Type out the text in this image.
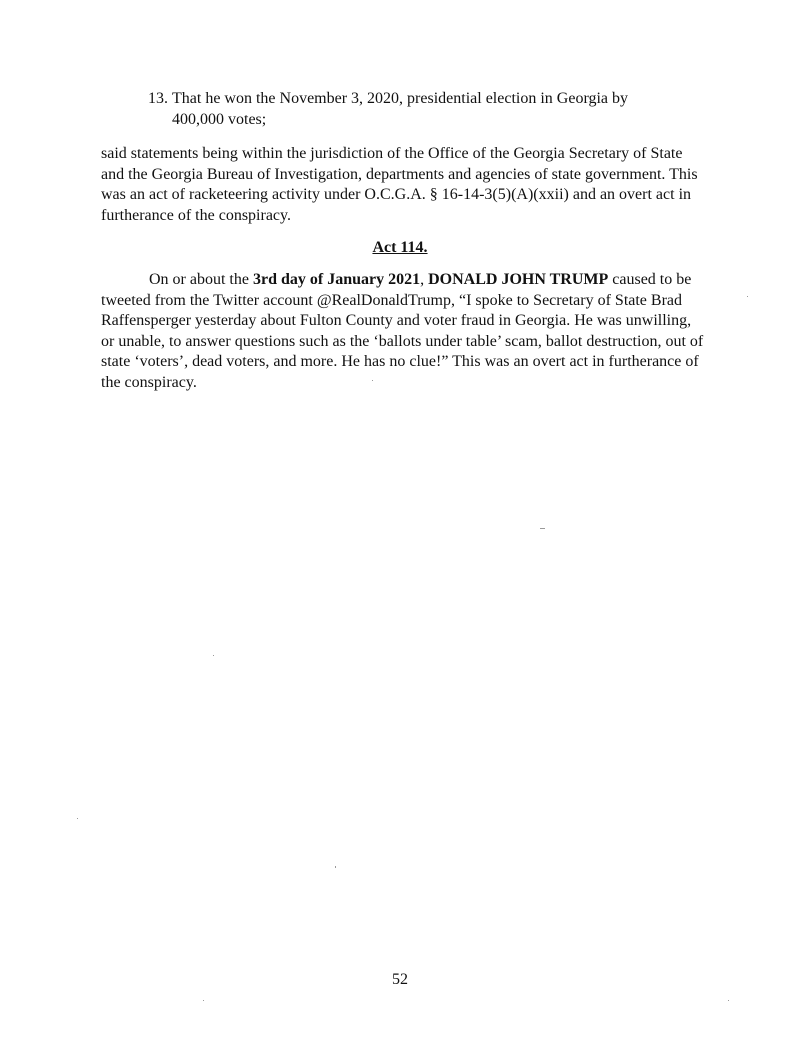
13. That he won the November 3, 2020, presidential election in Georgia by
400,000 votes;

said statements being within the jurisdiction of the Office of the Georgia Secretary of State and the Georgia Bureau of Investigation, departments and agencies of state government. This was an act of racketeering activity under O.C.G.A. § 16-14-3(5)(A)(xxii) and an overt act in furtherance of the conspiracy.

Act 114.

On or about the 3rd day of January 2021, DONALD JOHN TRUMP caused to be tweeted from the Twitter account @RealDonaldTrump, “I spoke to Secretary of State Brad Raffensperger yesterday about Fulton County and voter fraud in Georgia. He was unwilling, or unable, to answer questions such as the ‘ballots under table’ scam, ballot destruction, out of state ‘voters’, dead voters, and more. He has no clue!” This was an overt act in furtherance of the conspiracy.

52
